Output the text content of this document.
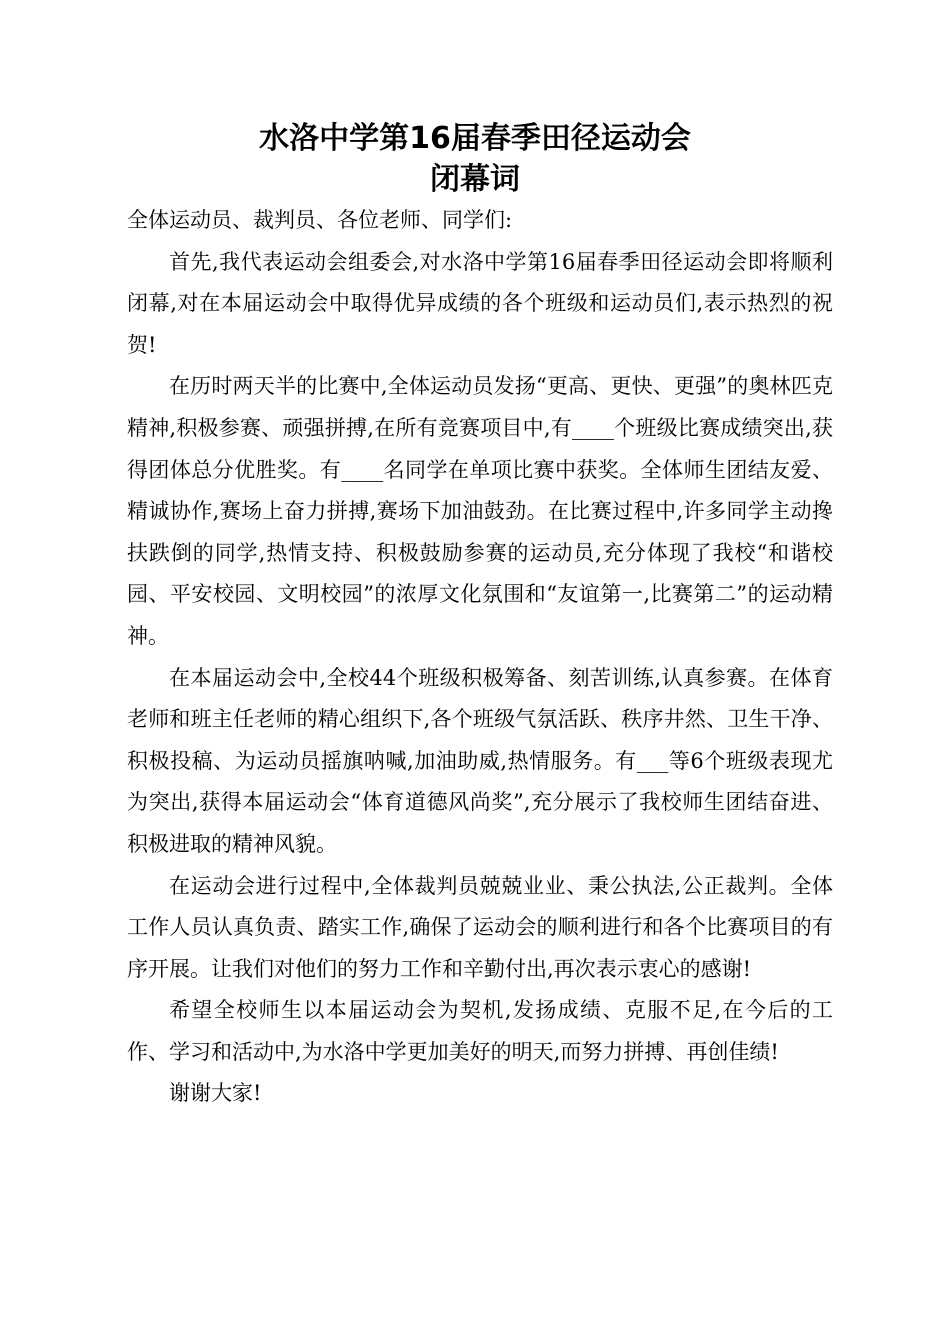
水洛中学第16届春季田径运动会
闭幕词

全体运动员、裁判员、各位老师、同学们:

首先,我代表运动会组委会,对水洛中学第16届春季田径运动会即将顺利闭幕,对在本届运动会中取得优异成绩的各个班级和运动员们,表示热烈的祝贺!

在历时两天半的比赛中,全体运动员发扬“更高、更快、更强”的奥林匹克精神,积极参赛、顽强拼搏,在所有竞赛项目中,有____个班级比赛成绩突出,获得团体总分优胜奖。有____名同学在单项比赛中获奖。全体师生团结友爱、精诚协作,赛场上奋力拼搏,赛场下加油鼓劲。在比赛过程中,许多同学主动搀扶跌倒的同学,热情支持、积极鼓励参赛的运动员,充分体现了我校“和谐校园、平安校园、文明校园”的浓厚文化氛围和“友谊第一,比赛第二”的运动精神。

在本届运动会中,全校44个班级积极筹备、刻苦训练,认真参赛。在体育老师和班主任老师的精心组织下,各个班级气氛活跃、秩序井然、卫生干净、积极投稿、为运动员摇旗呐喊,加油助威,热情服务。有___等6个班级表现尤为突出,获得本届运动会“体育道德风尚奖”,充分展示了我校师生团结奋进、积极进取的精神风貌。

在运动会进行过程中,全体裁判员兢兢业业、秉公执法,公正裁判。全体工作人员认真负责、踏实工作,确保了运动会的顺利进行和各个比赛项目的有序开展。让我们对他们的努力工作和辛勤付出,再次表示衷心的感谢!

希望全校师生以本届运动会为契机,发扬成绩、克服不足,在今后的工作、学习和活动中,为水洛中学更加美好的明天,而努力拼搏、再创佳绩!

谢谢大家!
